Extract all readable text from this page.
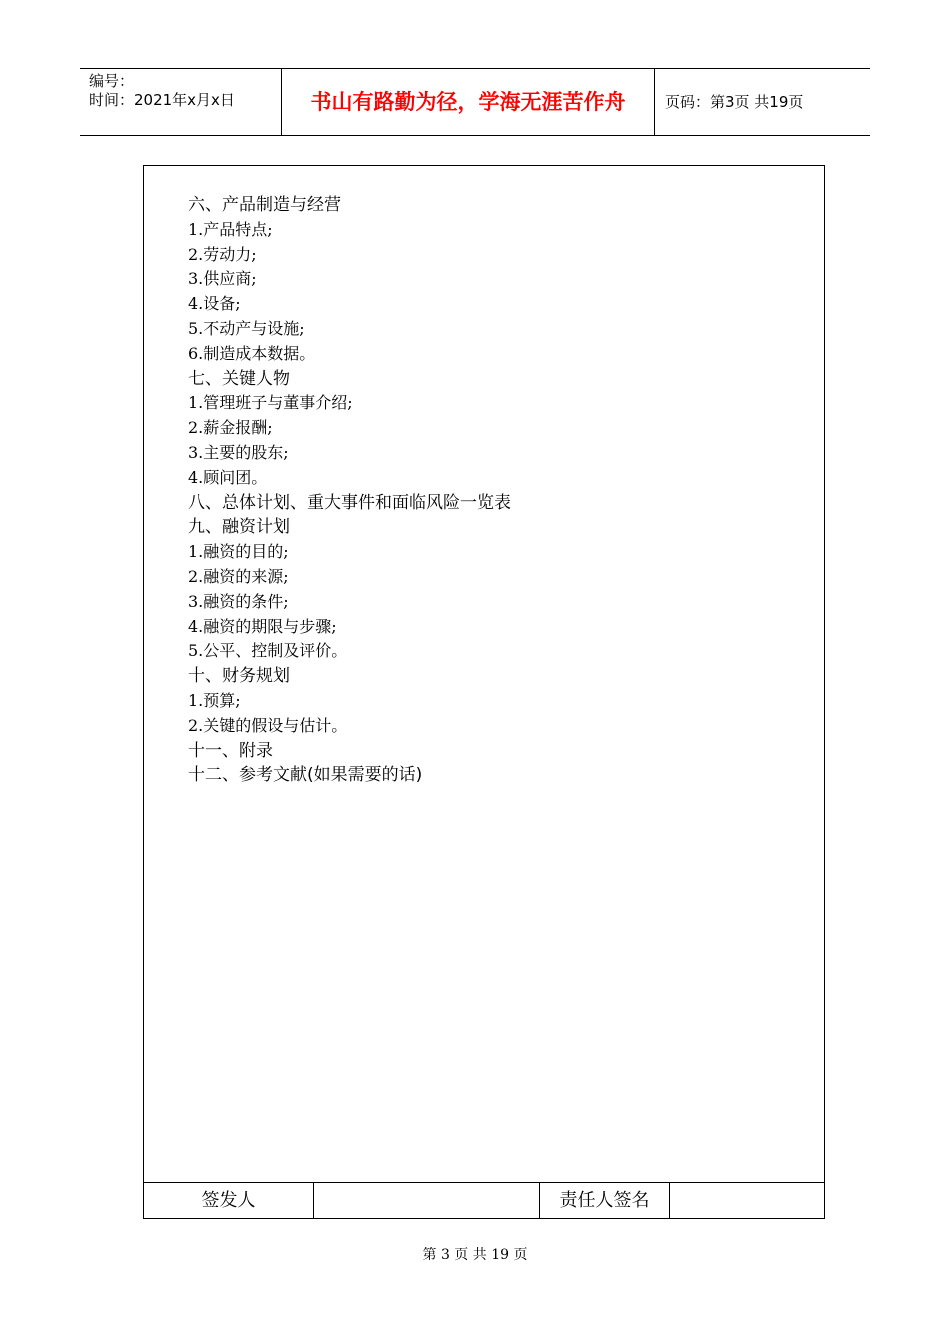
编号：
时间：2021年x月x日	书山有路勤为径，学海无涯苦作舟	页码：第3页 共19页
六、产品制造与经营
1.产品特点;
2.劳动力;
3.供应商;
4.设备;
5.不动产与设施;
6.制造成本数据。
七、关键人物
1.管理班子与董事介绍;
2.薪金报酬;
3.主要的股东;
4.顾问团。
八、总体计划、重大事件和面临风险一览表
九、融资计划
1.融资的目的;
2.融资的来源;
3.融资的条件;
4.融资的期限与步骤;
5.公平、控制及评价。
十、财务规划
1.预算;
2.关键的假设与估计。
十一、附录
十二、参考文献(如果需要的话)
签发人	责任人签名
第 3 页 共 19 页
